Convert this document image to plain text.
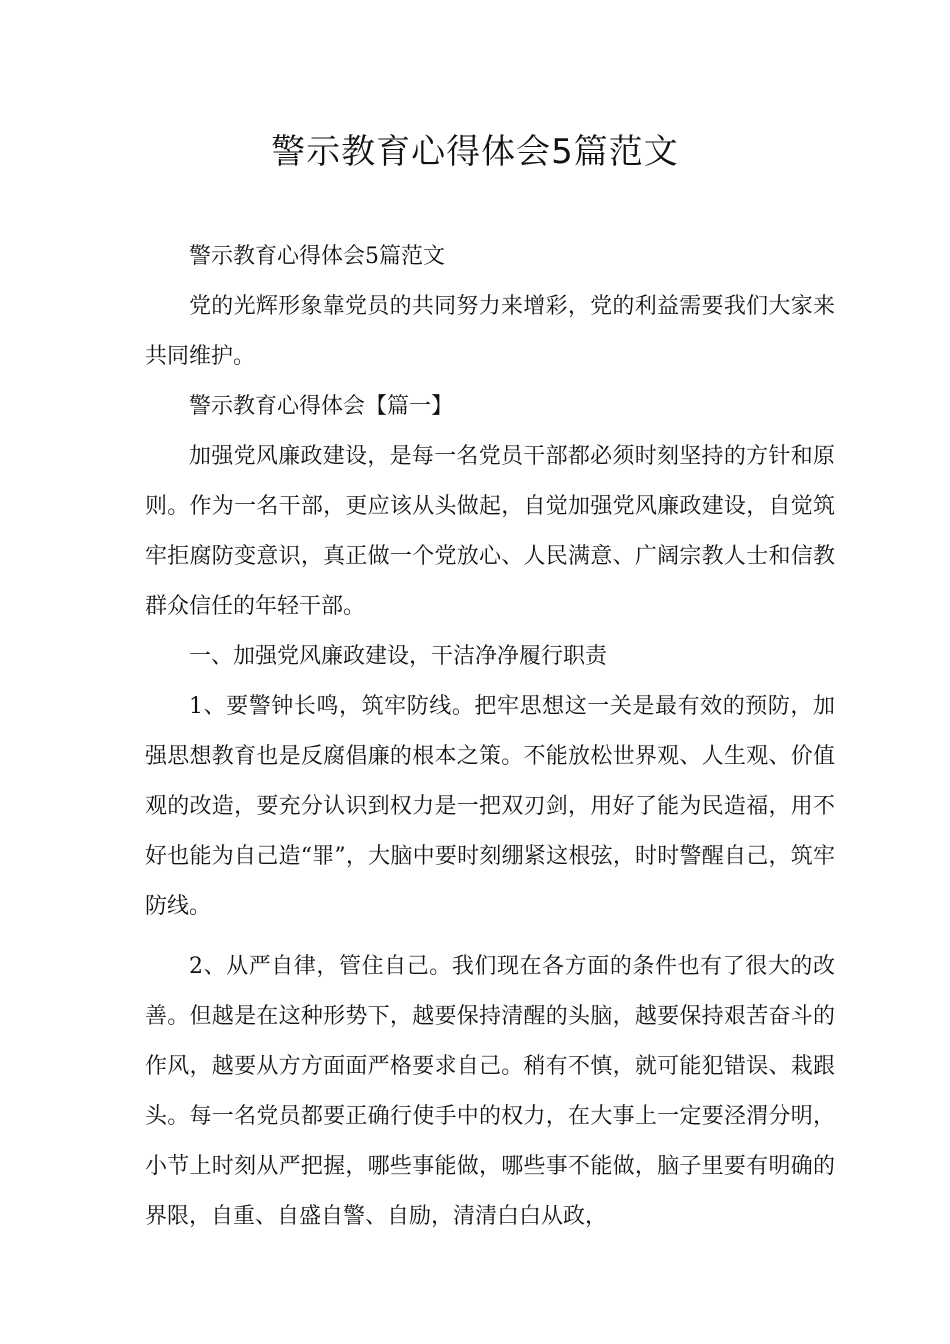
警示教育心得体会5篇范文

警示教育心得体会5篇范文

党的光辉形象靠党员的共同努力来增彩，党的利益需要我们大家来共同维护。

警示教育心得体会【篇一】

加强党风廉政建设，是每一名党员干部都必须时刻坚持的方针和原则。作为一名干部，更应该从头做起，自觉加强党风廉政建设，自觉筑牢拒腐防变意识，真正做一个党放心、人民满意、广阔宗教人士和信教群众信任的年轻干部。

一、加强党风廉政建设，干洁净净履行职责

1、要警钟长鸣，筑牢防线。把牢思想这一关是最有效的预防，加强思想教育也是反腐倡廉的根本之策。不能放松世界观、人生观、价值观的改造，要充分认识到权力是一把双刃剑，用好了能为民造福，用不好也能为自己造“罪”，大脑中要时刻绷紧这根弦，时时警醒自己，筑牢防线。

2、从严自律，管住自己。我们现在各方面的条件也有了很大的改善。但越是在这种形势下，越要保持清醒的头脑，越要保持艰苦奋斗的作风，越要从方方面面严格要求自己。稍有不慎，就可能犯错误、栽跟头。每一名党员都要正确行使手中的权力，在大事上一定要泾渭分明，小节上时刻从严把握，哪些事能做，哪些事不能做，脑子里要有明确的界限，自重、自盛自警、自励，清清白白从政，
